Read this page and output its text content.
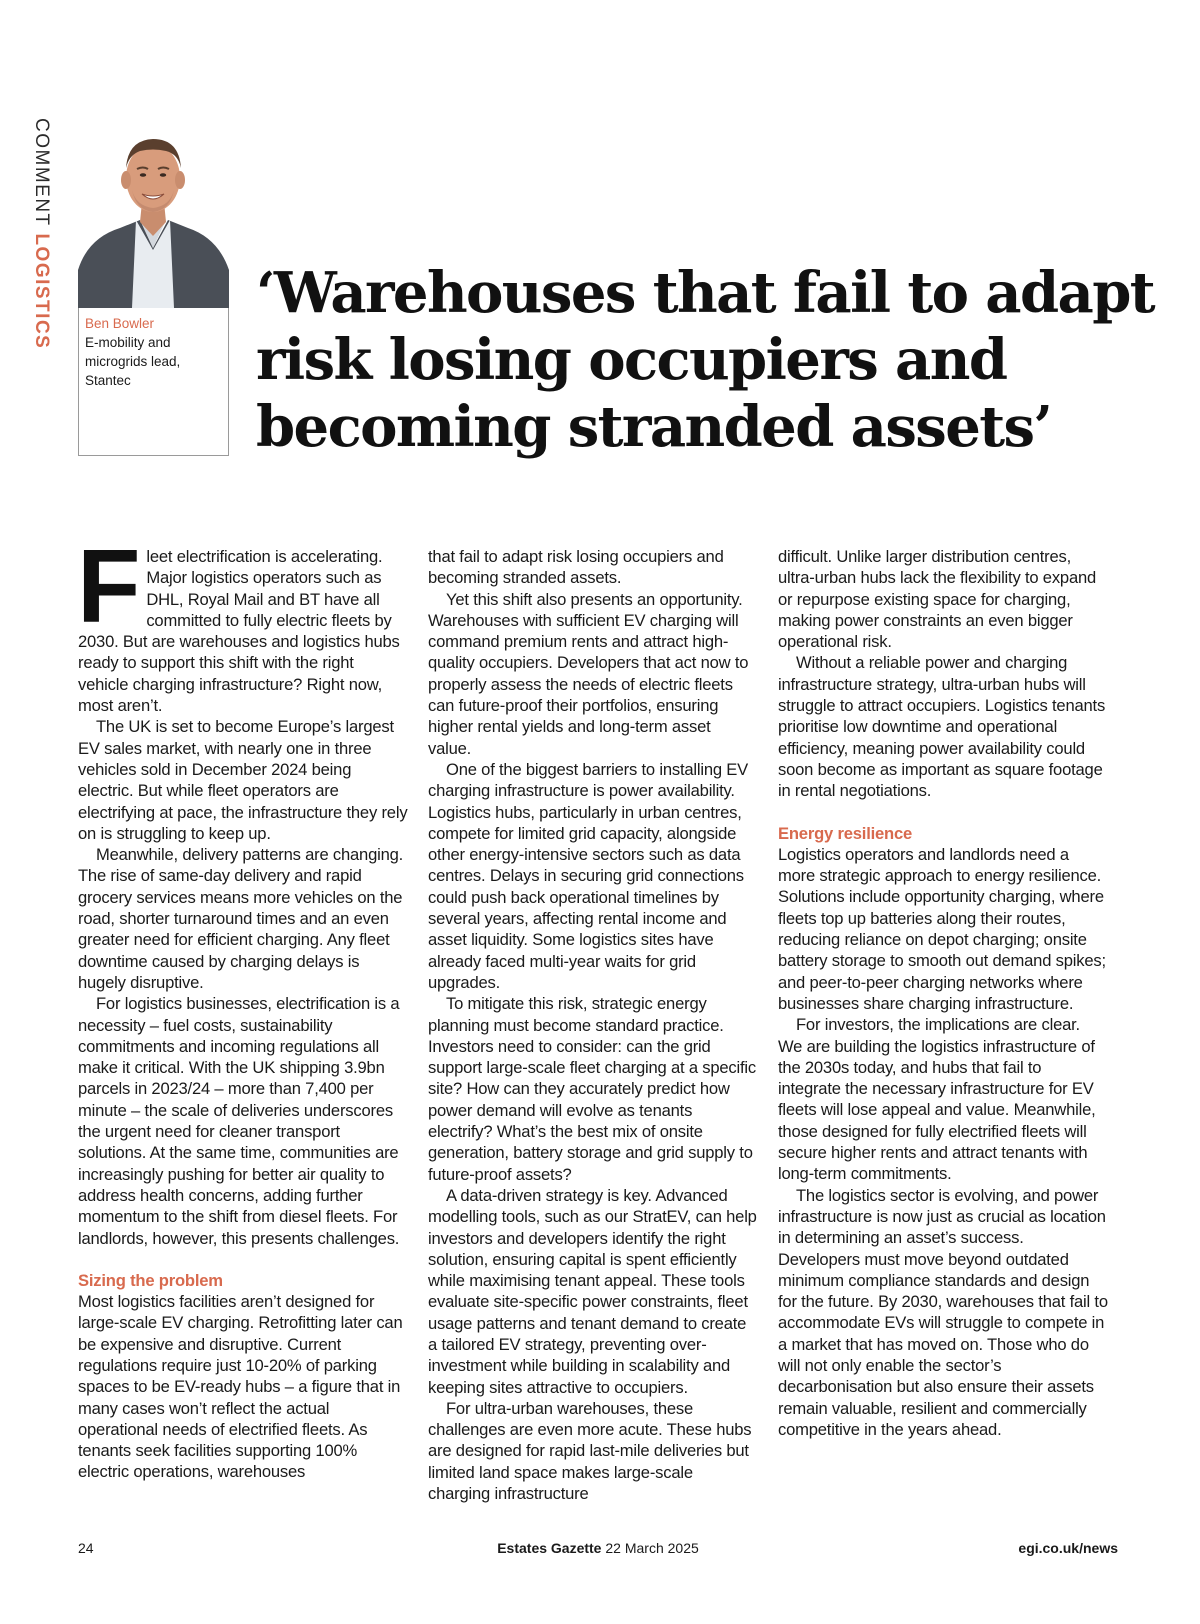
COMMENT LOGISTICS Ben Bowler
E-mobility and
microgrids lead,
Stantec
‘Warehouses that fail to adapt risk losing occupiers and becoming stranded assets’
F leet electrification is accelerating. Major logistics operators such as DHL, Royal Mail and BT have all committed to fully electric fleets by 2030. But are warehouses and logistics hubs ready to support this shift with the right vehicle charging infrastructure? Right now, most aren’t.

The UK is set to become Europe’s largest EV sales market, with nearly one in three vehicles sold in December 2024 being electric. But while fleet operators are electrifying at pace, the infrastructure they rely on is struggling to keep up.

Meanwhile, delivery patterns are changing. The rise of same-day delivery and rapid grocery services means more vehicles on the road, shorter turnaround times and an even greater need for efficient charging. Any fleet downtime caused by charging delays is hugely disruptive.

For logistics businesses, electrification is a necessity – fuel costs, sustainability commitments and incoming regulations all make it critical. With the UK shipping 3.9bn parcels in 2023/24 – more than 7,400 per minute – the scale of deliveries underscores the urgent need for cleaner transport solutions. At the same time, communities are increasingly pushing for better air quality to address health concerns, adding further momentum to the shift from diesel fleets. For landlords, however, this presents challenges.

Sizing the problem

Most logistics facilities aren’t designed for large-scale EV charging. Retrofitting later can be expensive and disruptive. Current regulations require just 10-20% of parking spaces to be EV-ready hubs – a figure that in many cases won’t reflect the actual operational needs of electrified fleets. As tenants seek facilities supporting 100% electric operations, warehouses

that fail to adapt risk losing occupiers and becoming stranded assets.

Yet this shift also presents an opportunity. Warehouses with sufficient EV charging will command premium rents and attract high-quality occupiers. Developers that act now to properly assess the needs of electric fleets can future-proof their portfolios, ensuring higher rental yields and long-term asset value.

One of the biggest barriers to installing EV charging infrastructure is power availability. Logistics hubs, particularly in urban centres, compete for limited grid capacity, alongside other energy-intensive sectors such as data centres. Delays in securing grid connections could push back operational timelines by several years, affecting rental income and asset liquidity. Some logistics sites have already faced multi-year waits for grid upgrades.

To mitigate this risk, strategic energy planning must become standard practice. Investors need to consider: can the grid support large-scale fleet charging at a specific site? How can they accurately predict how power demand will evolve as tenants electrify? What’s the best mix of onsite generation, battery storage and grid supply to future-proof assets?

A data-driven strategy is key. Advanced modelling tools, such as our StratEV, can help investors and developers identify the right solution, ensuring capital is spent efficiently while maximising tenant appeal. These tools evaluate site-specific power constraints, fleet usage patterns and tenant demand to create a tailored EV strategy, preventing over-investment while building in scalability and keeping sites attractive to occupiers.

For ultra-urban warehouses, these challenges are even more acute. These hubs are designed for rapid last-mile deliveries but limited land space makes large-scale charging infrastructure

difficult. Unlike larger distribution centres, ultra-urban hubs lack the flexibility to expand or repurpose existing space for charging, making power constraints an even bigger operational risk.

Without a reliable power and charging infrastructure strategy, ultra-urban hubs will struggle to attract occupiers. Logistics tenants prioritise low downtime and operational efficiency, meaning power availability could soon become as important as square footage in rental negotiations.

Energy resilience

Logistics operators and landlords need a more strategic approach to energy resilience. Solutions include opportunity charging, where fleets top up batteries along their routes, reducing reliance on depot charging; onsite battery storage to smooth out demand spikes; and peer-to-peer charging networks where businesses share charging infrastructure.

For investors, the implications are clear. We are building the logistics infrastructure of the 2030s today, and hubs that fail to integrate the necessary infrastructure for EV fleets will lose appeal and value. Meanwhile, those designed for fully electrified fleets will secure higher rents and attract tenants with long-term commitments.

The logistics sector is evolving, and power infrastructure is now just as crucial as location in determining an asset’s success. Developers must move beyond outdated minimum compliance standards and design for the future. By 2030, warehouses that fail to accommodate EVs will struggle to compete in a market that has moved on. Those who do will not only enable the sector’s decarbonisation but also ensure their assets remain valuable, resilient and commercially competitive in the years ahead.

24	Estates Gazette 22 March 2025	egi.co.uk/news
